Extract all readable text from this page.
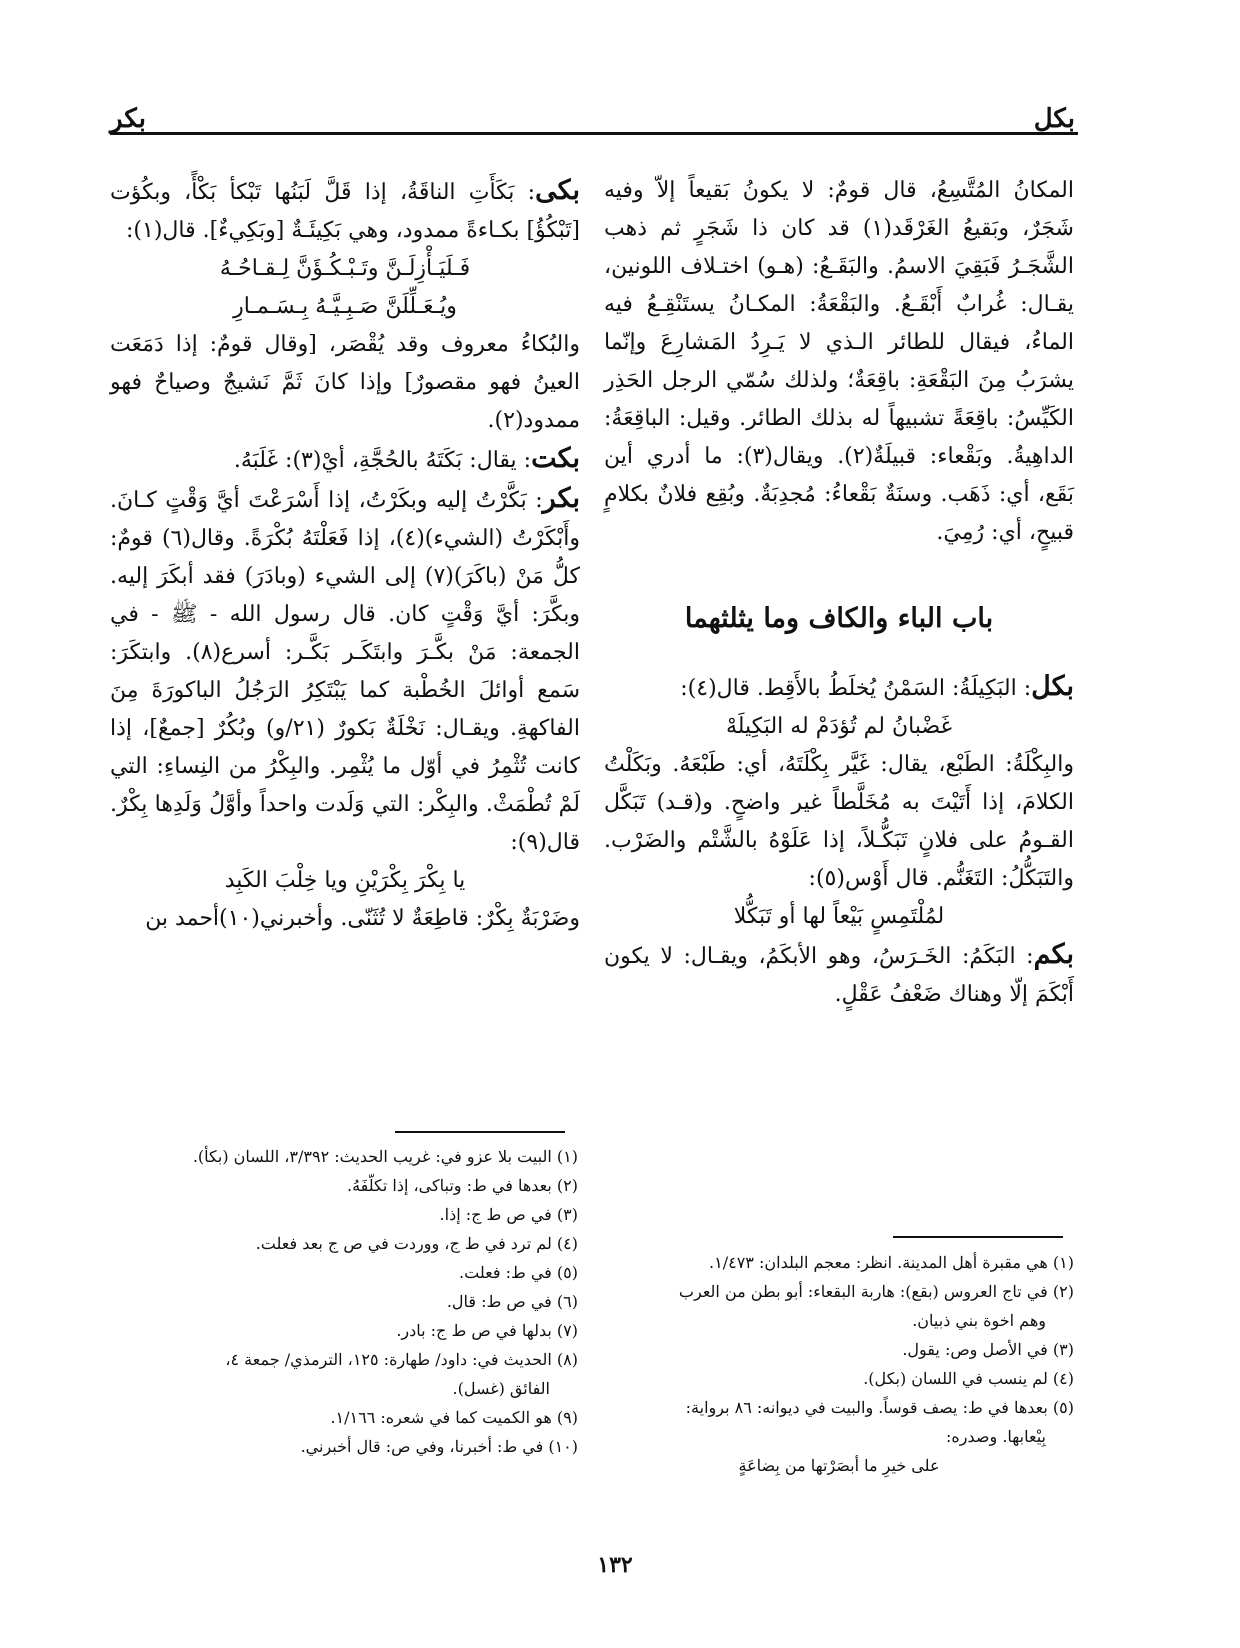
بكل
بكر

المكانُ المُتَّسِعُ، قال قومٌ: لا يكونُ بَقيعاً إلاّ وفيه شَجَرٌ، وبَقيعُ الغَرْقَد(١) قد كان ذا شَجَرٍ ثم ذهب الشَّجَـرُ فَبَقِيَ الاسمُ. والبَقَـعُ: (هـو) اختـلاف اللونين، يقـال: غُرابٌ أَبْقَـعُ. والبَقْعَةُ: المكـانُ يستَنْقِـعُ فيه الماءُ، فيقال للطائر الـذي لا يَـرِدُ المَشارِعَ وإنّما يشرَبُ مِنَ البَقْعَةِ: باقِعَةٌ؛ ولذلك سُمّي الرجل الحَذِر الكَيِّسُ: باقِعَةً تشبيهاً له بذلك الطائر. وقيل: الباقِعَةُ: الداهِيةُ. وبَقْعاء: قبيلَةٌ(٢). ويقال(٣): ما أدري أين بَقَع، أي: ذَهَب. وسنَةٌ بَقْعاءُ: مُجدِبَةٌ. وبُقِع فلانٌ بكلامٍ قبيحٍ، أي: رُمِيَ.

باب الباء والكاف وما يثلثهما

بكل: البَكِيلَةُ: السَمْنُ يُخلَطُ بالأَقِط. قال(٤):

غَضْبانُ لم تُؤدَمْ له البَكِيلَهْ

والبِكْلَةُ: الطَبْع، يقال: غَيَّر بِكْلَتَهُ، أي: طَبْعَهُ. وبَكَلْتُ الكلامَ، إذا أَتَيْتَ به مُخَلَّطاً غير واضحٍ. و(قـد) تَبَكَّل القـومُ على فلانٍ تَبَكُّـلاً، إذا عَلَوْهُ بالشَّتْم والضَرْب. والتَبَكُّلُ: التَغَنُّم. قال أَوْس(٥):

لمُلْتَمِسٍ بَيْعاً لها أو تَبَكُّلا

بكم: البَكَمُ: الخَـرَسُ، وهو الأبكَمُ، ويقـال: لا يكون أَبْكَمَ إلّا وهناك ضَعْفُ عَقْلٍ.

بكى: بَكَأَتِ الناقَةُ، إذا قَلَّ لَبَنُها تَبْكأ بَكْأً، وبكُؤت [تَبْكُؤُ] بكـاءةً ممدود، وهي بَكِيئَـةٌ [وبَكِيءٌ]. قال(١):

فَـلَيَـأْزِلَـنَّ وتَـبْـكُـؤَنَّ لِـقـاحُـهُ

ويُـعَـلِّلَنَّ صَـبِـيَّـهُ بِـسَـمـارِ

والبُكاءُ معروف وقد يُقْصَر، [وقال قومٌ: إذا دَمَعَت العينُ فهو مقصورٌ] وإذا كانَ ثَمَّ نَشيجٌ وصياحٌ فهو ممدود(٢).

بكت: يقال: بَكَتَهُ بالحُجَّةِ، أيْ(٣): غَلَبَهُ.

بكر: بَكَّرْتُ إليه وبكَرْتُ، إذا أَسْرَعْتَ أيَّ وَقْتٍ كـانَ. وأَبْكَرْتُ (الشيء)(٤)، إذا فَعَلْتَهُ بُكْرَةً. وقال(٦) قومٌ: كلُّ مَنْ (باكَرَ)(٧) إلى الشيء (وبادَرَ) فقد أبكَرَ إليه. وبكَّرَ: أيَّ وَقْتٍ كان. قال رسول الله - ﷺ - في الجمعة: مَنْ بكَّـرَ وابتَكَـر بَكَّـر: أسرع(٨). وابتكَرَ: سَمع أوائلَ الخُطْبة كما يَبْتَكِرُ الرَجُلُ الباكورَةَ مِنَ الفاكهةِ. ويقـال: نَخْلَةٌ بَكورٌ (٢١/و) وبُكُرٌ [جمعٌ]، إذا كانت تُثْمِرُ في أوّل ما يُثْمِر. والبِكْرُ من النِساءِ: التي لَمْ تُطْمَثْ. والبِكْر: التي وَلَدت واحداً وأوَّلُ وَلَدِها بِكْرٌ. قال(٩):

يا بِكْرَ بِكْرَيْنِ ويا خِلْبَ الكَبِد

وضَرْبَةٌ بِكْرٌ: قاطِعَةٌ لا تُثَنّى. وأخبرني(١٠)أحمد بن

(١) البيت بلا عزو في: غريب الحديث: ٣/٣٩٢، اللسان (بكأ).

(٢) بعدها في ط: وتباكى، إذا تكلّفَهُ.

(٣) في ص ط ج: إذا.

(٤) لم ترد في ط ج، ووردت في ص ج بعد فعلت.

(٥) في ط: فعلت.

(٦) في ص ط: قال.

(٧) بدلها في ص ط ج: بادر.

(٨) الحديث في: داود/ طهارة: ١٢٥، الترمذي/ جمعة ٤،

الفائق (غسل).

(٩) هو الكميت كما في شعره: ١/١٦٦.

(١٠) في ط: أخبرنا، وفي ص: قال أخبرني.

(١) هي مقبرة أهل المدينة. انظر: معجم البلدان: ١/٤٧٣.

(٢) في تاج العروس (بقع): هاربة البقعاء: أبو بطن من العرب

وهم اخوة بني ذبيان.

(٣) في الأصل وص: يقول.

(٤) لم ينسب في اللسان (بكل).

(٥) بعدها في ط: يصف قوساً. والبيت في ديوانه: ٨٦ برواية:

بِيْعابها. وصدره:

على خيرِ ما أبصَرْتها من بِضاعَةٍ

١٣٢
